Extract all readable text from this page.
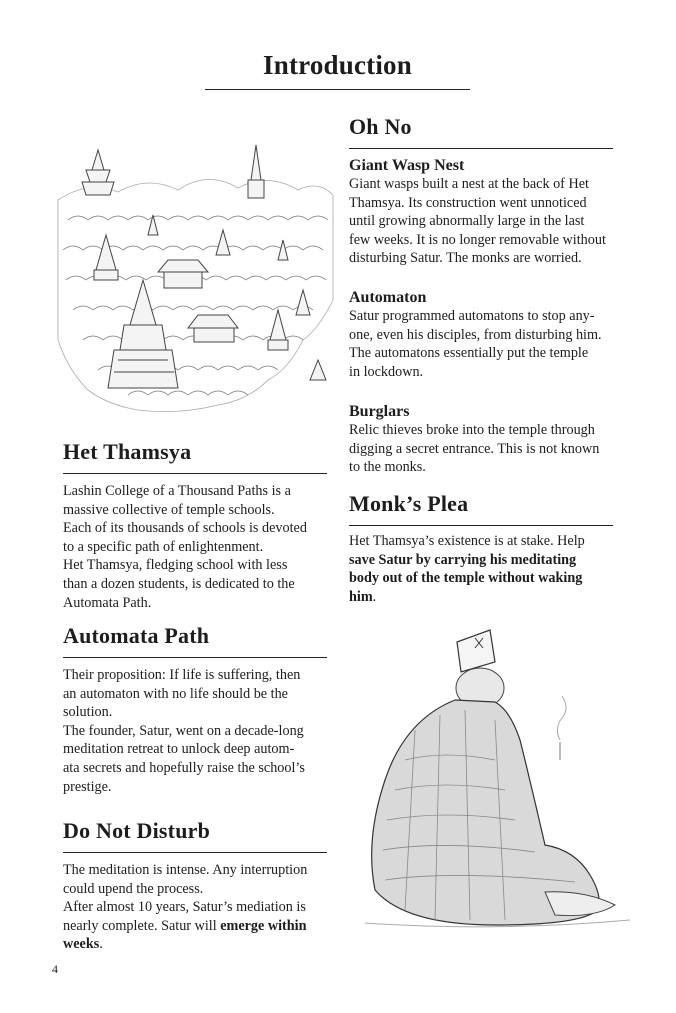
Introduction
Het Thamsya

Lashin College of a Thousand Paths is a

massive collective of temple schools.

Each of its thousands of schools is devoted

to a specific path of enlightenment.

Het Thamsya, fledging school with less

than a dozen students, is dedicated to the

Automata Path.

Automata Path

Their proposition: If life is suffering, then

an automaton with no life should be the

solution.

The founder, Satur, went on a decade-long

meditation retreat to unlock deep autom-

ata secrets and hopefully raise the school’s

prestige.

Do Not Disturb

The meditation is intense. Any interruption

could upend the process.

After almost 10 years, Satur’s mediation is

nearly complete. Satur will emerge within

weeks.

Oh No
Giant Wasp Nest

Giant wasps built a nest at the back of Het

Thamsya. Its construction went unnoticed

until growing abnormally large in the last

few weeks. It is no longer removable without

disturbing Satur. The monks are worried.

Automaton

Satur programmed automatons to stop any-

one, even his disciples, from disturbing him.

The automatons essentially put the temple

in lockdown.

Burglars

Relic thieves broke into the temple through

digging a secret entrance. This is not known

to the monks.

Monk’s Plea

Het Thamsya’s existence is at stake. Help

save Satur by carrying his meditating

body out of the temple without waking

him.

4
